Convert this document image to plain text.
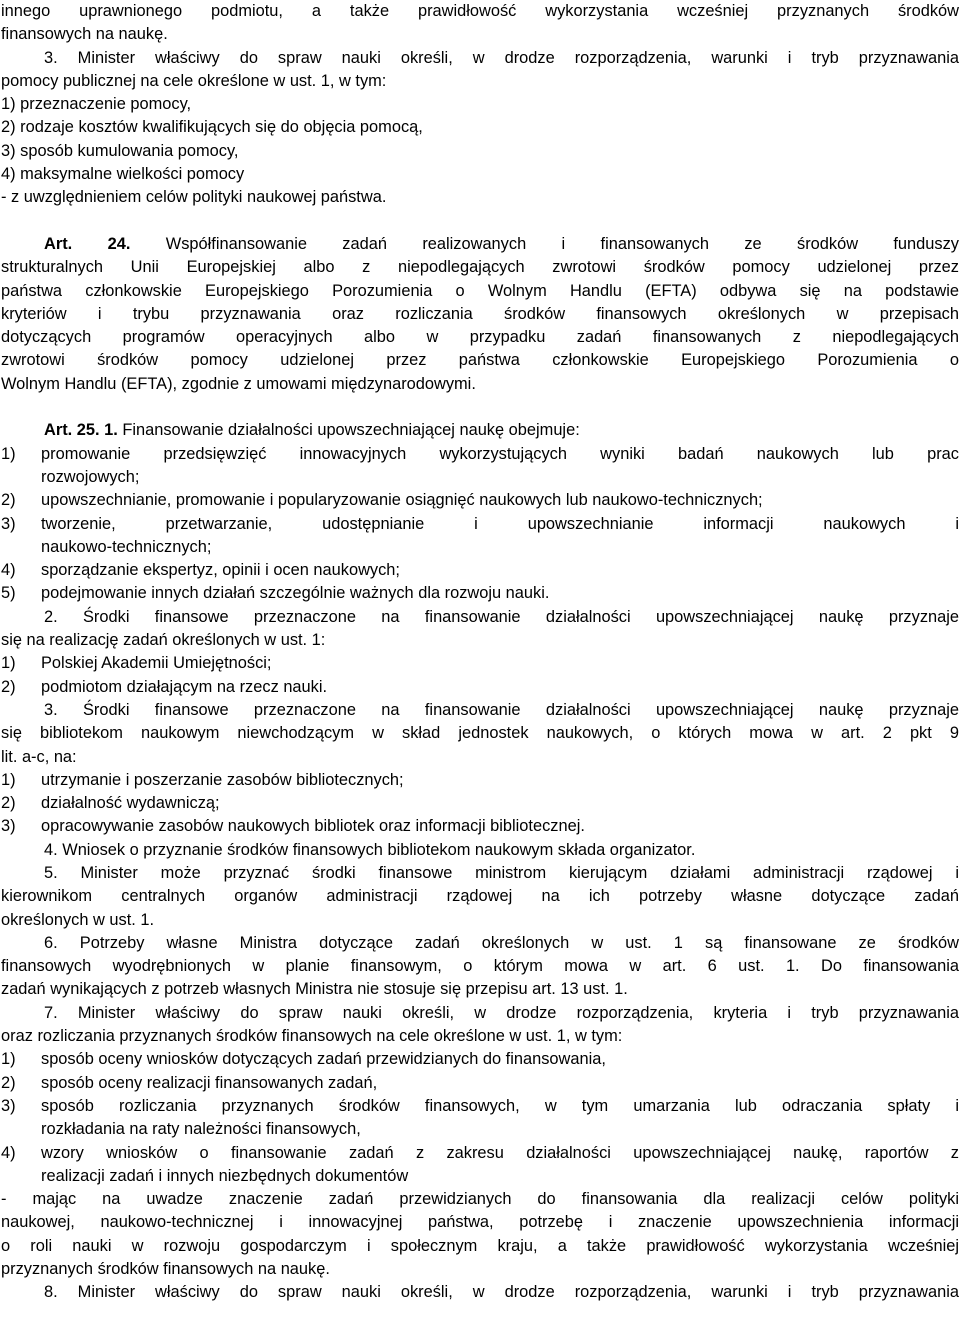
innego uprawnionego podmiotu, a także prawidłowość wykorzystania wcześniej przyznanych środków
finansowych na naukę.
3. Minister właściwy do spraw nauki określi, w drodze rozporządzenia, warunki i tryb przyznawania
pomocy publicznej na cele określone w ust. 1, w tym:
1) przeznaczenie pomocy,
2) rodzaje kosztów kwalifikujących się do objęcia pomocą,
3) sposób kumulowania pomocy,
4) maksymalne wielkości pomocy
- z uwzględnieniem celów polityki naukowej państwa.
Art. 24. Współfinansowanie zadań realizowanych i finansowanych ze środków funduszy
strukturalnych Unii Europejskiej albo z niepodlegających zwrotowi środków pomocy udzielonej przez
państwa członkowskie Europejskiego Porozumienia o Wolnym Handlu (EFTA) odbywa się na podstawie
kryteriów i trybu przyznawania oraz rozliczania środków finansowych określonych w przepisach
dotyczących programów operacyjnych albo w przypadku zadań finansowanych z niepodlegających
zwrotowi środków pomocy udzielonej przez państwa członkowskie Europejskiego Porozumienia o
Wolnym Handlu (EFTA), zgodnie z umowami międzynarodowymi.
Art. 25. 1. Finansowanie działalności upowszechniającej naukę obejmuje:
1) promowanie przedsięwzięć innowacyjnych wykorzystujących wyniki badań naukowych lub prac
rozwojowych;
2) upowszechnianie, promowanie i popularyzowanie osiągnięć naukowych lub naukowo-technicznych;
3) tworzenie, przetwarzanie, udostępnianie i upowszechnianie informacji naukowych i
naukowo-technicznych;
4) sporządzanie ekspertyz, opinii i ocen naukowych;
5) podejmowanie innych działań szczególnie ważnych dla rozwoju nauki.
2. Środki finansowe przeznaczone na finansowanie działalności upowszechniającej naukę przyznaje
się na realizację zadań określonych w ust. 1:
1) Polskiej Akademii Umiejętności;
2) podmiotom działającym na rzecz nauki.
3. Środki finansowe przeznaczone na finansowanie działalności upowszechniającej naukę przyznaje
się bibliotekom naukowym niewchodzącym w skład jednostek naukowych, o których mowa w art. 2 pkt 9
lit. a-c, na:
1) utrzymanie i poszerzanie zasobów bibliotecznych;
2) działalność wydawniczą;
3) opracowywanie zasobów naukowych bibliotek oraz informacji bibliotecznej.
4. Wniosek o przyznanie środków finansowych bibliotekom naukowym składa organizator.
5. Minister może przyznać środki finansowe ministrom kierującym działami administracji rządowej i
kierownikom centralnych organów administracji rządowej na ich potrzeby własne dotyczące zadań
określonych w ust. 1.
6. Potrzeby własne Ministra dotyczące zadań określonych w ust. 1 są finansowane ze środków
finansowych wyodrębnionych w planie finansowym, o którym mowa w art. 6 ust. 1. Do finansowania
zadań wynikających z potrzeb własnych Ministra nie stosuje się przepisu art. 13 ust. 1.
7. Minister właściwy do spraw nauki określi, w drodze rozporządzenia, kryteria i tryb przyznawania
oraz rozliczania przyznanych środków finansowych na cele określone w ust. 1, w tym:
1) sposób oceny wniosków dotyczących zadań przewidzianych do finansowania,
2) sposób oceny realizacji finansowanych zadań,
3) sposób rozliczania przyznanych środków finansowych, w tym umarzania lub odraczania spłaty i
rozkładania na raty należności finansowych,
4) wzory wniosków o finansowanie zadań z zakresu działalności upowszechniającej naukę, raportów z
realizacji zadań i innych niezbędnych dokumentów
- mając na uwadze znaczenie zadań przewidzianych do finansowania dla realizacji celów polityki
naukowej, naukowo-technicznej i innowacyjnej państwa, potrzebę i znaczenie upowszechnienia informacji
o roli nauki w rozwoju gospodarczym i społecznym kraju, a także prawidłowość wykorzystania wcześniej
przyznanych środków finansowych na naukę.
8. Minister właściwy do spraw nauki określi, w drodze rozporządzenia, warunki i tryb przyznawania
